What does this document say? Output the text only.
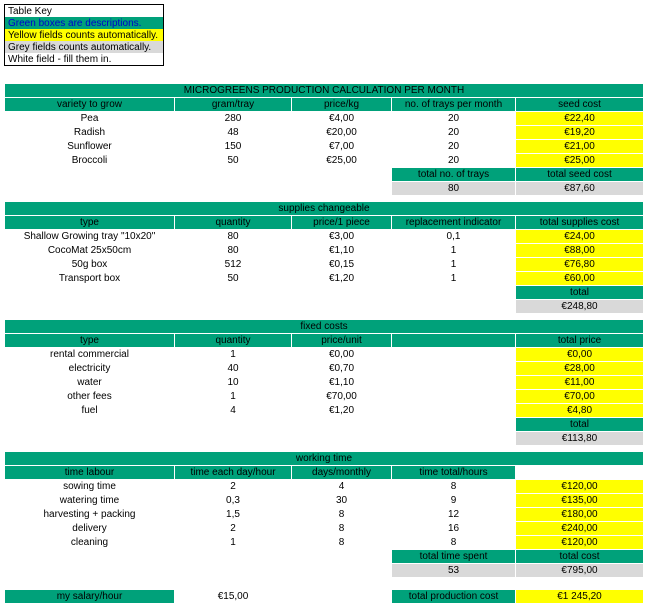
Table Key
Green boxes are descriptions.
Yellow fields counts automatically.
Grey fields counts automatically.
White field - fill them in.
MICROGREENS PRODUCTION CALCULATION PER MONTH				
variety to grow	gram/tray	price/kg	no. of trays per month	seed cost
Pea	280	€4,00	20	€22,40
Radish	48	€20,00	20	€19,20
Sunflower	150	€7,00	20	€21,00
Broccoli	50	€25,00	20	€25,00
			total no. of trays	total seed cost
			80	€87,60

supplies changeable				
type	quantity	price/1 piece	replacement indicator	total supplies cost
Shallow Growing tray "10x20"	80	€3,00	0,1	€24,00
CocoMat 25x50cm	80	€1,10	1	€88,00
50g box	512	€0,15	1	€76,80
Transport box	50	€1,20	1	€60,00
				total
				€248,80

fixed costs				
type	quantity	price/unit		total price
rental commercial	1	€0,00		€0,00
electricity	40	€0,70		€28,00
water	10	€1,10		€11,00
other fees	1	€70,00		€70,00
fuel	4	€1,20		€4,80
				total
				€113,80

working time				
time labour	time each day/hour	days/monthly	time total/hours	
sowing time	2	4	8	€120,00
watering time	0,3	30	9	€135,00
harvesting + packing	1,5	8	12	€180,00
delivery	2	8	16	€240,00
cleaning	1	8	8	€120,00
			total time spent	total cost
			53	€795,00

my salary/hour	€15,00		total production cost	€1 245,20
